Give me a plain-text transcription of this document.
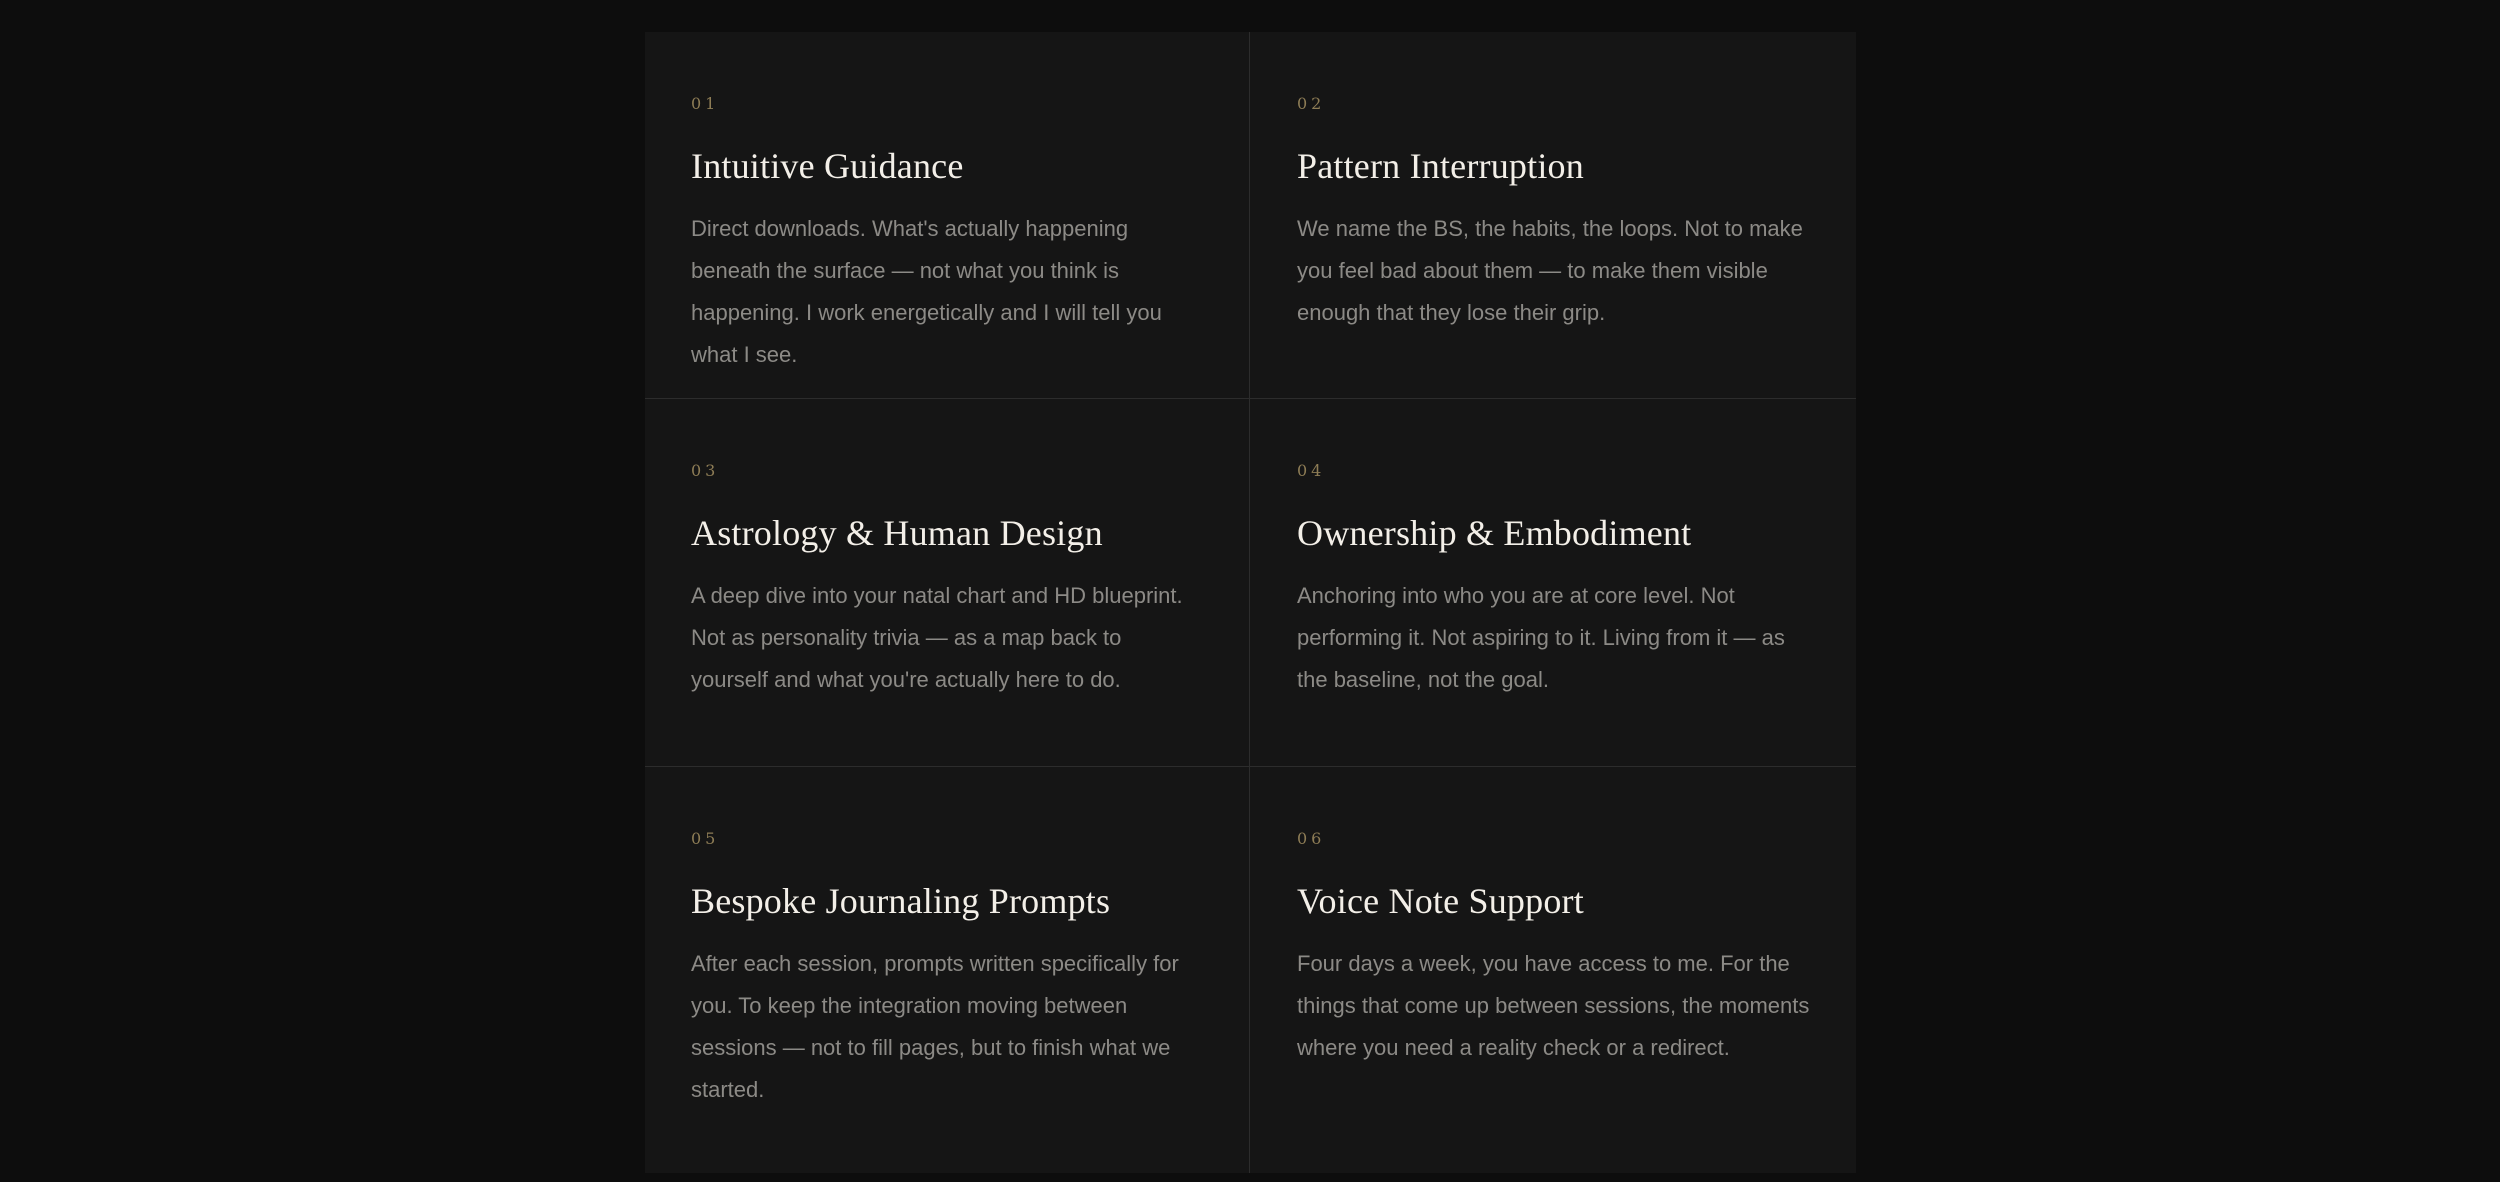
01
Intuitive Guidance

Direct downloads. What's actually happening beneath the surface — not what you think is happening. I work energetically and I will tell you what I see.

02
Pattern Interruption

We name the BS, the habits, the loops. Not to make you feel bad about them — to make them visible enough that they lose their grip.

03
Astrology & Human Design

A deep dive into your natal chart and HD blueprint. Not as personality trivia — as a map back to yourself and what you're actually here to do.

04
Ownership & Embodiment

Anchoring into who you are at core level. Not performing it. Not aspiring to it. Living from it — as the baseline, not the goal.

05
Bespoke Journaling Prompts

After each session, prompts written specifically for you. To keep the integration moving between sessions — not to fill pages, but to finish what we started.

06
Voice Note Support

Four days a week, you have access to me. For the things that come up between sessions, the moments where you need a reality check or a redirect.
